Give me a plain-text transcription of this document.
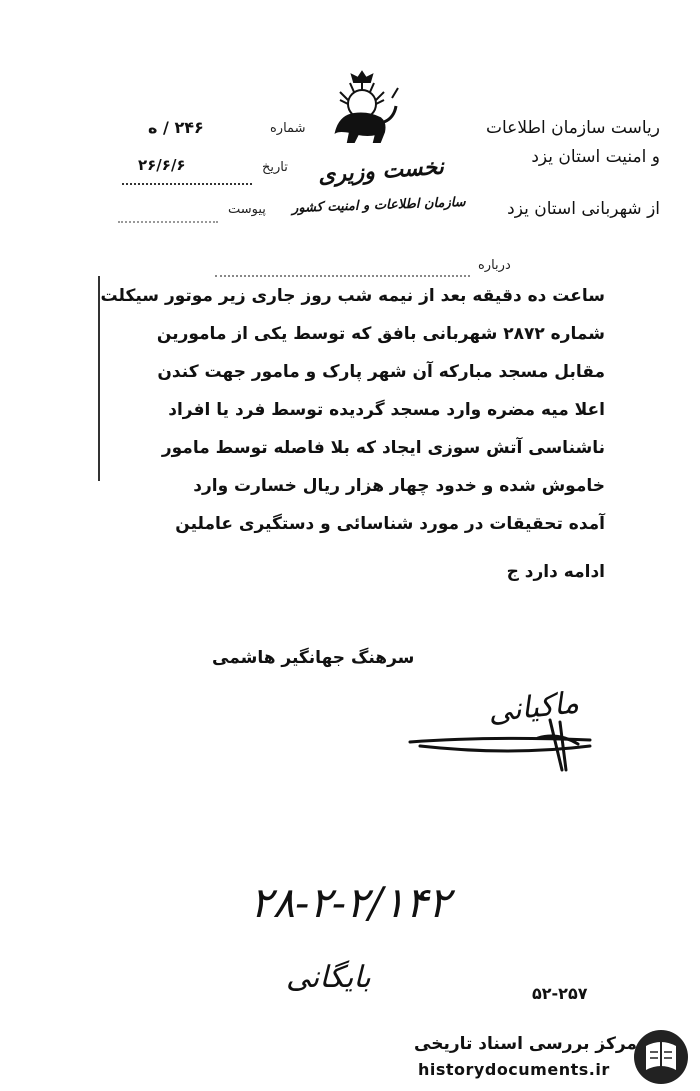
ریاست سازمان اطلاعات
و امنیت استان یزد
از شهربانی استان یزد
نخست وزیری
سازمان اطلاعات و امنیت کشور
شماره
۲۴۶ / ه
تاریخ
۲۶/۶/۶
پیوست
درباره
ساعت ده دقیقه بعد از نیمه شب روز جاری زیر موتور سیکلت
شماره ۲۸۷۲ شهربانی بافق که توسط یکی از مامورین
مقابل مسجد مبارکه آن شهر پارک و مامور جهت کندن
اعلا میه مضره وارد مسجد گردیده توسط فرد یا افراد
ناشناسی آتش سوزی ایجاد که بلا فاصله توسط مامور
خاموش شده و خدود چهار هزار ریال خسارت وارد
آمده تحقیقات در مورد شناسائی و دستگیری عاملین
ادامه دارد ج
سرهنگ جهانگیر هاشمی
ماکیانی
۲۸-۲-۲/۱۴۲
بایگانی	۵۲-۲۵۷
مرکز بررسی اسناد تاریخی
historydocuments.ir
